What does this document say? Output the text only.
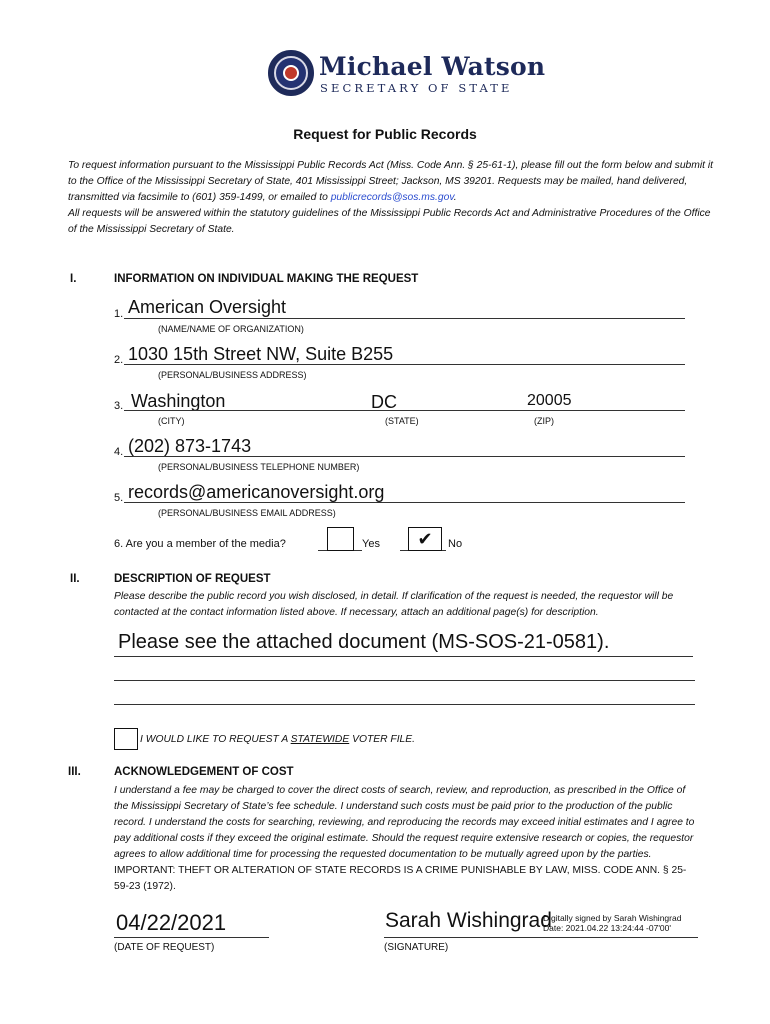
Michael Watson
SECRETARY OF STATE
Request for Public Records
To request information pursuant to the Mississippi Public Records Act (Miss. Code Ann. § 25-61-1), please fill out the form below and submit it to the Office of the Mississippi Secretary of State, 401 Mississippi Street; Jackson, MS 39201. Requests may be mailed, hand delivered, transmitted via facsimile to (601) 359-1499, or emailed to publicrecords@sos.ms.gov.
All requests will be answered within the statutory guidelines of the Mississippi Public Records Act and Administrative Procedures of the Office of the Mississippi Secretary of State.
I.	INFORMATION ON INDIVIDUAL MAKING THE REQUEST
1. American Oversight
(NAME/NAME OF ORGANIZATION)
2. 1030 15th Street NW, Suite B255
(PERSONAL/BUSINESS ADDRESS)
3. Washington	DC	20005
(CITY)	(STATE)	(ZIP)
4. (202) 873-1743
(PERSONAL/BUSINESS TELEPHONE NUMBER)
5. records@americanoversight.org
(PERSONAL/BUSINESS EMAIL ADDRESS)
6. Are you a member of the media?	Yes	✔	No
II.	DESCRIPTION OF REQUEST
Please describe the public record you wish disclosed, in detail. If clarification of the request is needed, the requestor will be contacted at the contact information listed above. If necessary, attach an additional page(s) for description.
Please see the attached document (MS-SOS-21-0581).
I WOULD LIKE TO REQUEST A STATEWIDE VOTER FILE.
III.	ACKNOWLEDGEMENT OF COST
I understand a fee may be charged to cover the direct costs of search, review, and reproduction, as prescribed in the Office of the Mississippi Secretary of State’s fee schedule. I understand such costs must be paid prior to the production of the public record. I understand the costs for searching, reviewing, and reproducing the records may exceed initial estimates and I agree to pay additional costs if they exceed the original estimate. Should the request require extensive research or copies, the requestor agrees to allow additional time for processing the requested documentation to be mutually agreed upon by the parties. IMPORTANT: THEFT OR ALTERATION OF STATE RECORDS IS A CRIME PUNISHABLE BY LAW, MISS. CODE ANN. § 25-59-23 (1972).
04/22/2021
(DATE OF REQUEST)
Sarah Wishingrad
Digitally signed by Sarah Wishingrad
Date: 2021.04.22 13:24:44 -07'00'
(SIGNATURE)
